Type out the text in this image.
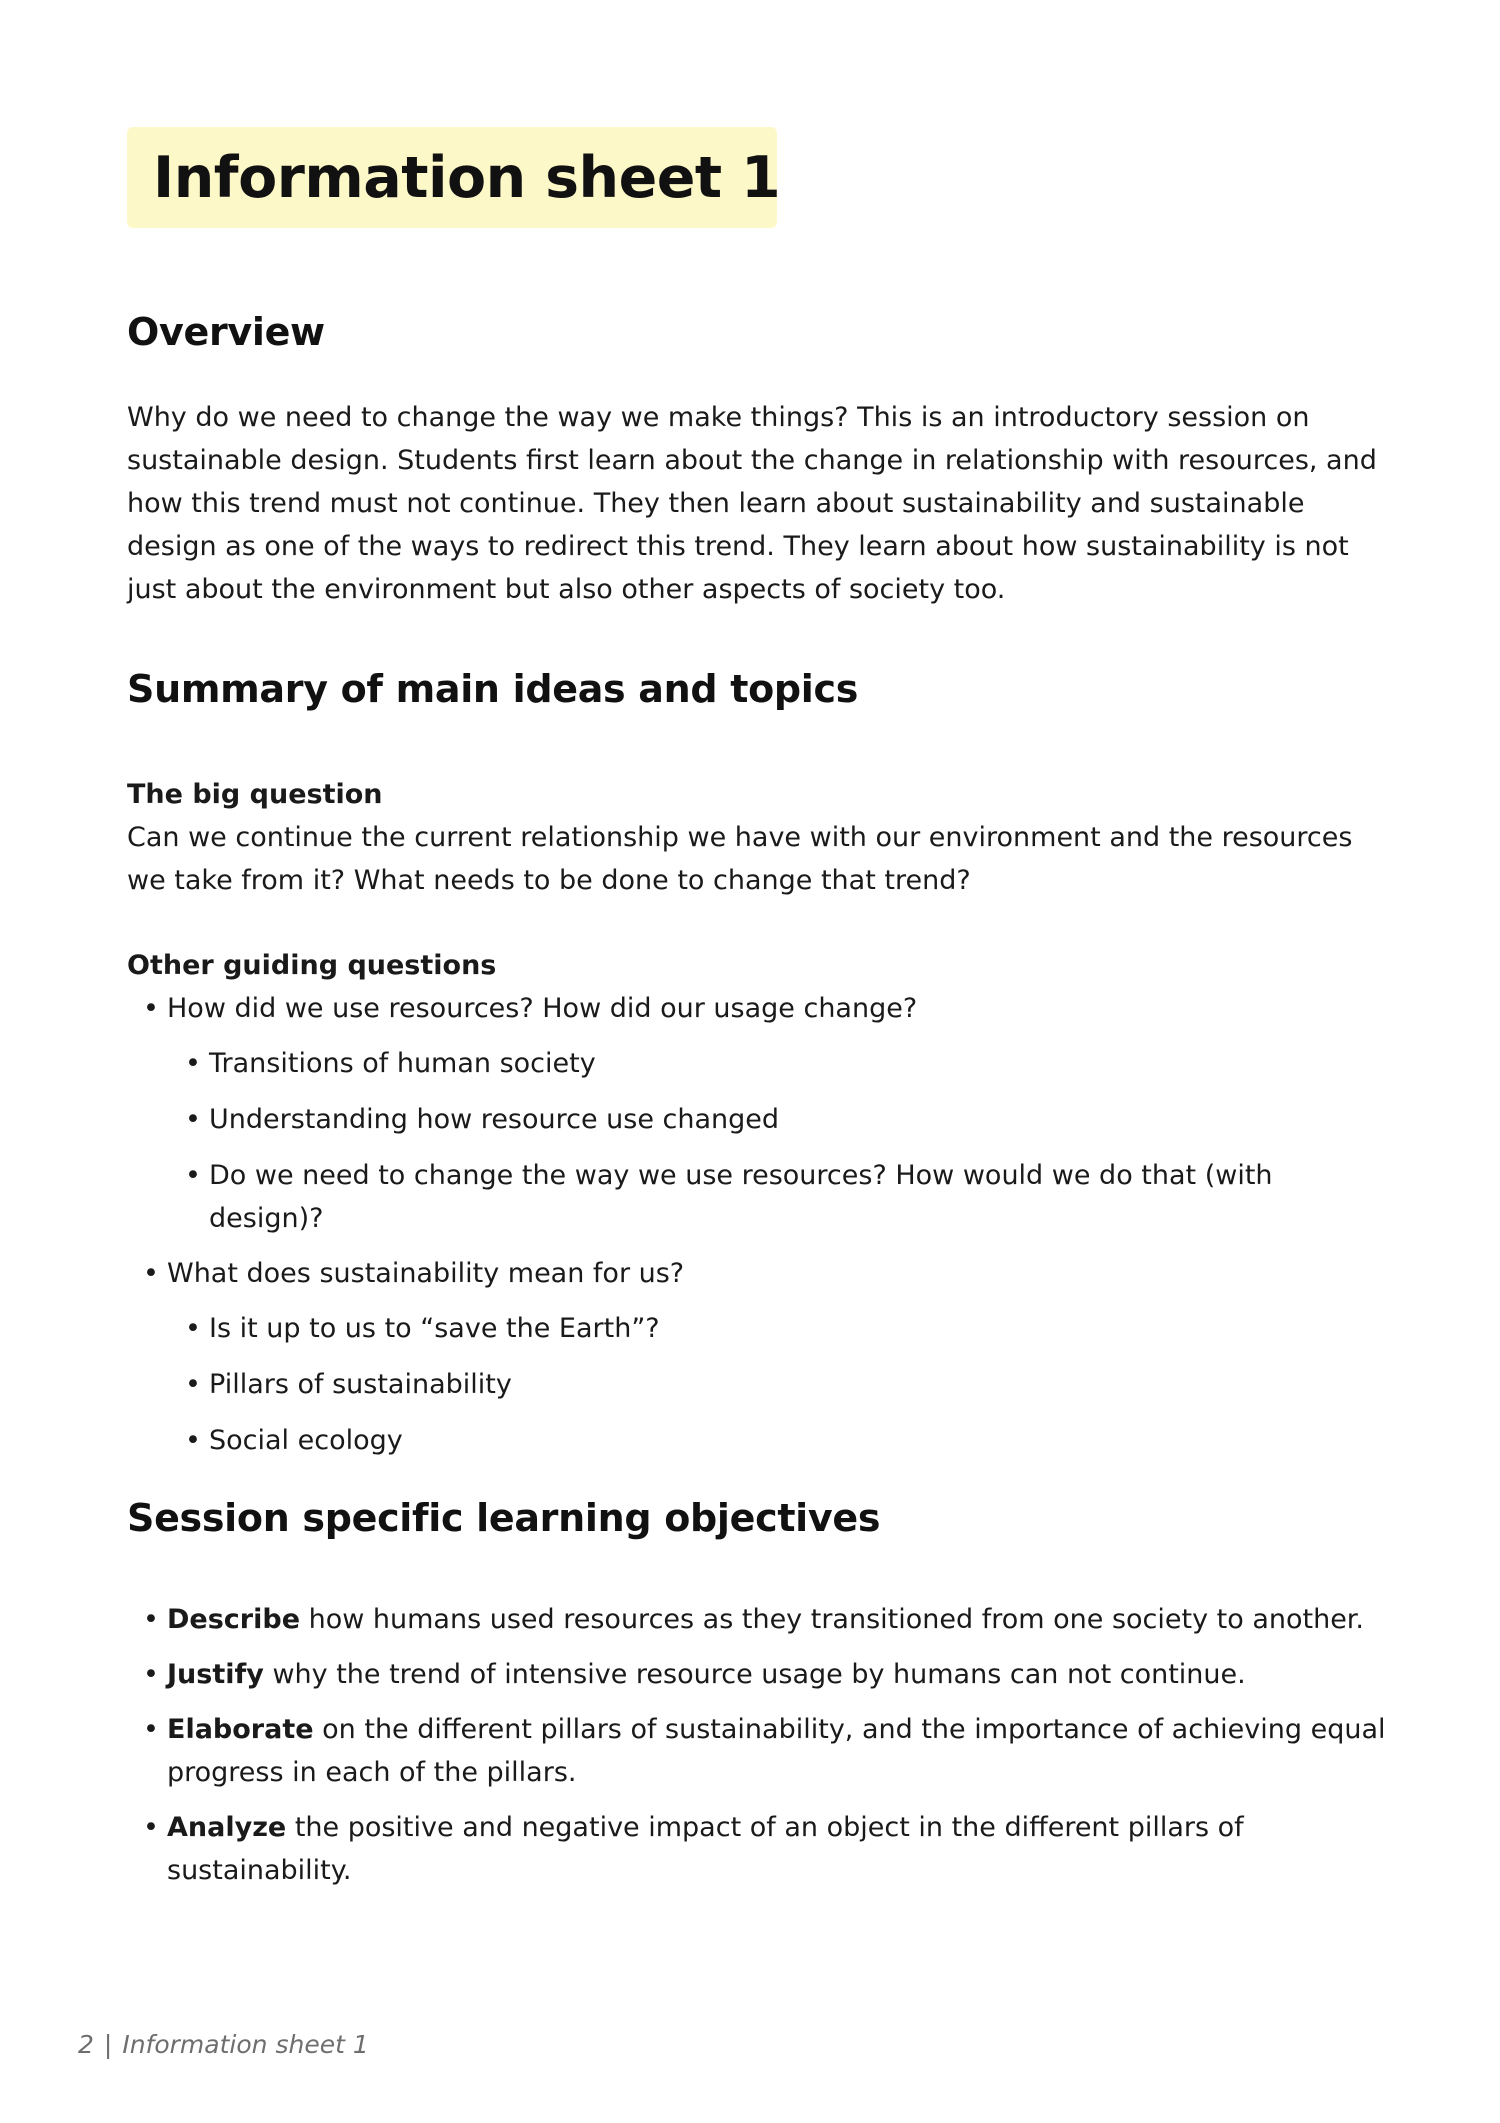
Information sheet 1
Overview

Why do we need to change the way we make things? This is an introductory session on sustainable design. Students first learn about the change in relationship with resources, and how this trend must not continue. They then learn about sustainability and sustainable design as one of the ways to redirect this trend. They learn about how sustainability is not just about the environment but also other aspects of society too.

Summary of main ideas and topics
The big question

Can we continue the current relationship we have with our environment and the resources we take from it? What needs to be done to change that trend?

Other guiding questions
• How did we use resources? How did our usage change?
• Transitions of human society
• Understanding how resource use changed
• Do we need to change the way we use resources? How would we do that (with design)?
• What does sustainability mean for us?
• Is it up to us to “save the Earth”?
• Pillars of sustainability
• Social ecology
Session specific learning objectives
• Describe how humans used resources as they transitioned from one society to another.
• Justify why the trend of intensive resource usage by humans can not continue.
• Elaborate on the different pillars of sustainability, and the importance of achieving equal progress in each of the pillars.
• Analyze the positive and negative impact of an object in the different pillars of sustainability.
2 | Information sheet 1
